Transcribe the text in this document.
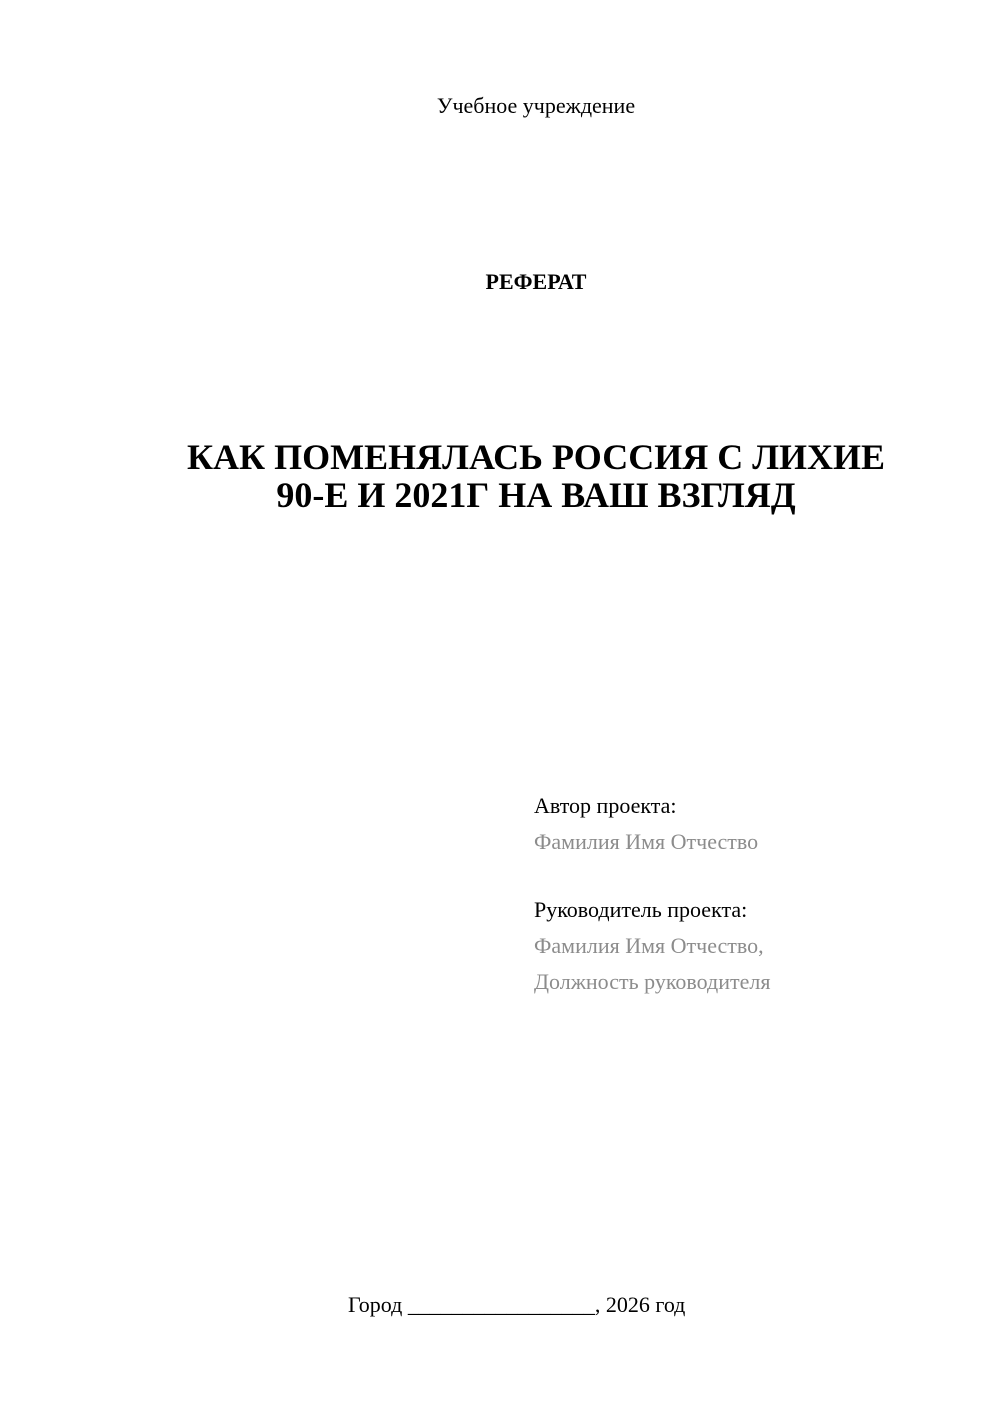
Учебное учреждение
РЕФЕРАТ
КАК ПОМЕНЯЛАСЬ РОССИЯ С ЛИХИЕ
90-Е И 2021Г НА ВАШ ВЗГЛЯД
Автор проекта:
Фамилия Имя Отчество
Руководитель проекта:
Фамилия Имя Отчество,
Должность руководителя
Город _________________, 2026 год
